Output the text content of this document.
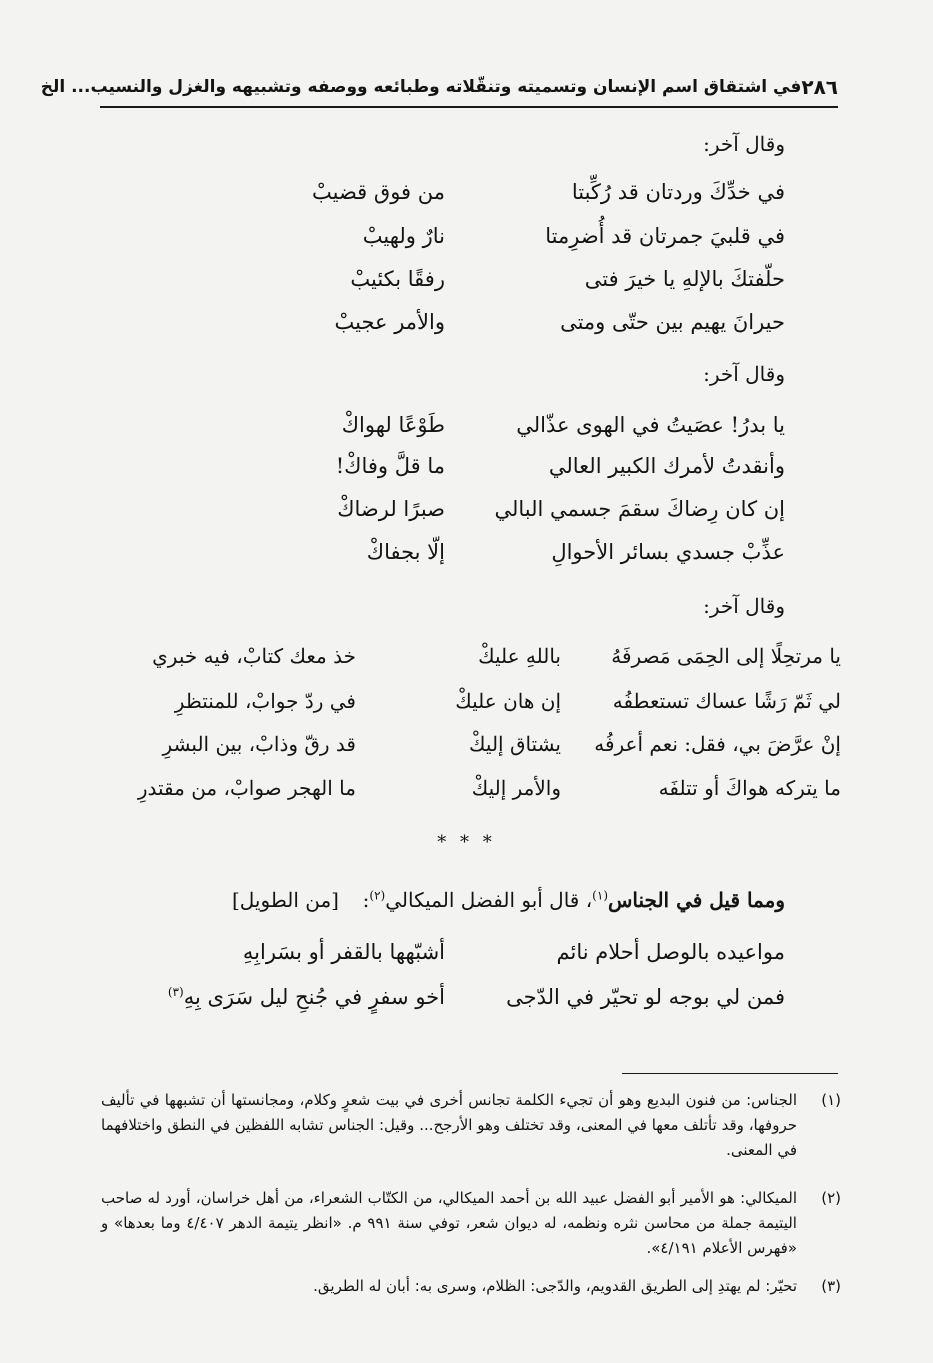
٢٨٦
في اشتقاق اسم الإنسان وتسميته وتنقّلاته وطبائعه ووصفه وتشبيهه والغزل والنسيب... الخ
وقال آخر:
في خدِّكَ وردتان قد رُكِّبتا
من فوق قضيبْ
في قلبيَ جمرتان قد أُضرِمتا
نارٌ ولهيبْ
حلّفتكَ بالإلهِ يا خيرَ فتى
رفقًا بكئيبْ
حيرانَ يهيم بين حتّى ومتى
والأمر عجيبْ
وقال آخر:
يا بدرُ! عصَيتُ في الهوى عذّالي
طَوْعًا لهواكْ
وأنقدتُ لأمرك الكبير العالي
ما قلَّ وفاكْ!
إن كان رِضاكَ سقمَ جسمي البالي
صبرًا لرضاكْ
عذِّبْ جسدي بسائر الأحوالِ
إلّا بجفاكْ
وقال آخر:
يا مرتحِلًا إلى الحِمَى مَصرفَهُ
باللهِ عليكْ
خذ معك كتابْ، فيه خبري
لي ثَمّ رَشًا عساك تستعطفُه
إن هان عليكْ
في ردّ جوابْ، للمنتظرِ
إنْ عرَّضَ بي، فقل: نعم أعرفُه
يشتاق إليكْ
قد رقّ وذابْ، بين البشرِ
ما يتركه هواكَ أو تتلفَه
والأمر إليكْ
ما الهجر صوابْ، من مقتدرِ
* * *
ومما قيل في الجناس$^{(١)}$، قال أبو الفضل الميكالي$^{(٢)}$:
[من الطويل]
مواعيده بالوصل أحلام نائم
أشبّهها بالقفر أو بسَرابِهِ
فمن لي بوجه لو تحيّر في الدّجى
أخو سفرٍ في جُنحِ ليل سَرَى بِهِ$^{(٣)}$
(١)
الجناس: من فنون البديع وهو أن تجيء الكلمة تجانس أخرى في بيت شعرٍ وكلام، ومجانستها أن تشبهها في تأليف حروفها، وقد تأتلف معها في المعنى، وقد تختلف وهو الأرجح... وقيل: الجناس تشابه اللفظين في النطق واختلافهما في المعنى.
(٢)
الميكالي: هو الأمير أبو الفضل عبيد الله بن أحمد الميكالي، من الكتّاب الشعراء، من أهل خراسان، أورد له صاحب اليتيمة جملة من محاسن نثره ونظمه، له ديوان شعر، توفي سنة ٩٩١ م. «انظر يتيمة الدهر ٤/٤٠٧ وما بعدها» و «فهرس الأعلام ٤/١٩١».
(٣)
تحيّر: لم يهتدِ إلى الطريق القدويم، والدّجى: الظلام، وسرى به: أبان له الطريق.
